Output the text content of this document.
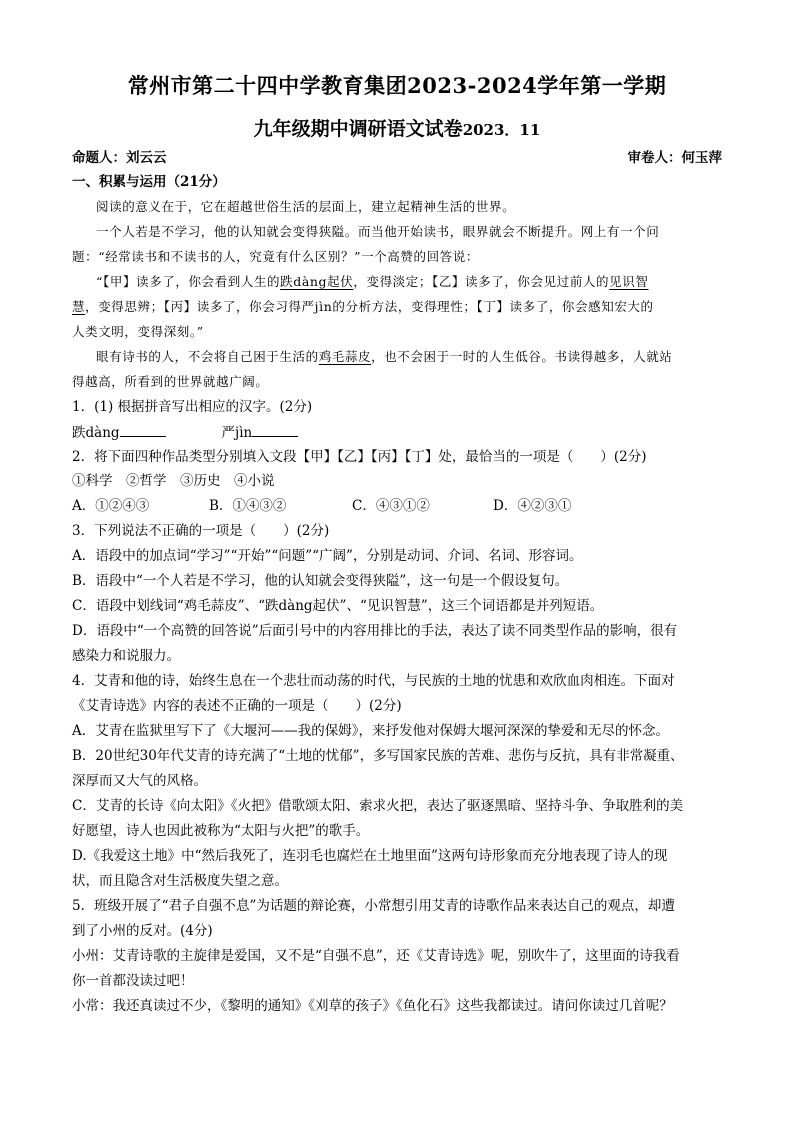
常州市第二十四中学教育集团2023-2024学年第一学期
九年级期中调研语文试卷2023．11
命题人：刘云云	审卷人：何玉萍
一、积累与运用（21分）
阅读的意义在于，它在超越世俗生活的层面上，建立起精神生活的世界。
一个人若是不学习，他的认知就会变得狭隘。而当他开始读书，眼界就会不断提升。网上有一个问
题：“经常读书和不读书的人，究竟有什么区别？”一个高赞的回答说：
“【甲】读多了，你会看到人生的跌dàng起伏，变得淡定；【乙】读多了，你会见过前人的见识智
慧，变得思辨；【丙】读多了，你会习得严jìn的分析方法，变得理性；【丁】读多了，你会感知宏大的
人类文明，变得深刻。”
眼有诗书的人，不会将自己困于生活的鸡毛蒜皮，也不会困于一时的人生低谷。书读得越多，人就站
得越高，所看到的世界就越广阔。
1．(1) 根据拼音写出相应的汉字。(2分)
跌dàng	严jìn
2．将下面四种作品类型分别填入文段【甲】【乙】【丙】【丁】处，最恰当的一项是（　　）(2分)
①科学　②哲学　③历史　④小说
A．①②④③	B．①④③②	C．④③①②	D．④②③①
3．下列说法不正确的一项是（　　）(2分)
A．语段中的加点词“学习”“开始”“问题”“广阔”，分别是动词、介词、名词、形容词。
B．语段中“一个人若是不学习，他的认知就会变得狭隘”，这一句是一个假设复句。
C．语段中划线词“鸡毛蒜皮”、“跌dàng起伏”、“见识智慧”，这三个词语都是并列短语。
D．语段中“一个高赞的回答说”后面引号中的内容用排比的手法，表达了读不同类型作品的影响，很有
感染力和说服力。
4．艾青和他的诗，始终生息在一个悲壮而动荡的时代，与民族的土地的忧患和欢欣血肉相连。下面对
《艾青诗选》内容的表述不正确的一项是（　　）(2分)
A．艾青在监狱里写下了《大堰河——我的保姆》，来抒发他对保姆大堰河深深的挚爱和无尽的怀念。
B．20世纪30年代艾青的诗充满了“土地的忧郁”，多写国家民族的苦难、悲伤与反抗，具有非常凝重、
深厚而又大气的风格。
C．艾青的长诗《向太阳》《火把》借歌颂太阳、索求火把，表达了驱逐黑暗、坚持斗争、争取胜利的美
好愿望，诗人也因此被称为“太阳与火把”的歌手。
D.《我爱这土地》中“然后我死了，连羽毛也腐烂在土地里面”这两句诗形象而充分地表现了诗人的现
状，而且隐含对生活极度失望之意。
5．班级开展了“君子自强不息”为话题的辩论赛，小常想引用艾青的诗歌作品来表达自己的观点，却遭
到了小州的反对。(4分)
小州：艾青诗歌的主旋律是爱国，又不是“自强不息”，还《艾青诗选》呢，别吹牛了，这里面的诗我看
你一首都没读过吧！
小常：我还真读过不少，《黎明的通知》《刈草的孩子》《鱼化石》这些我都读过。请问你读过几首呢？
